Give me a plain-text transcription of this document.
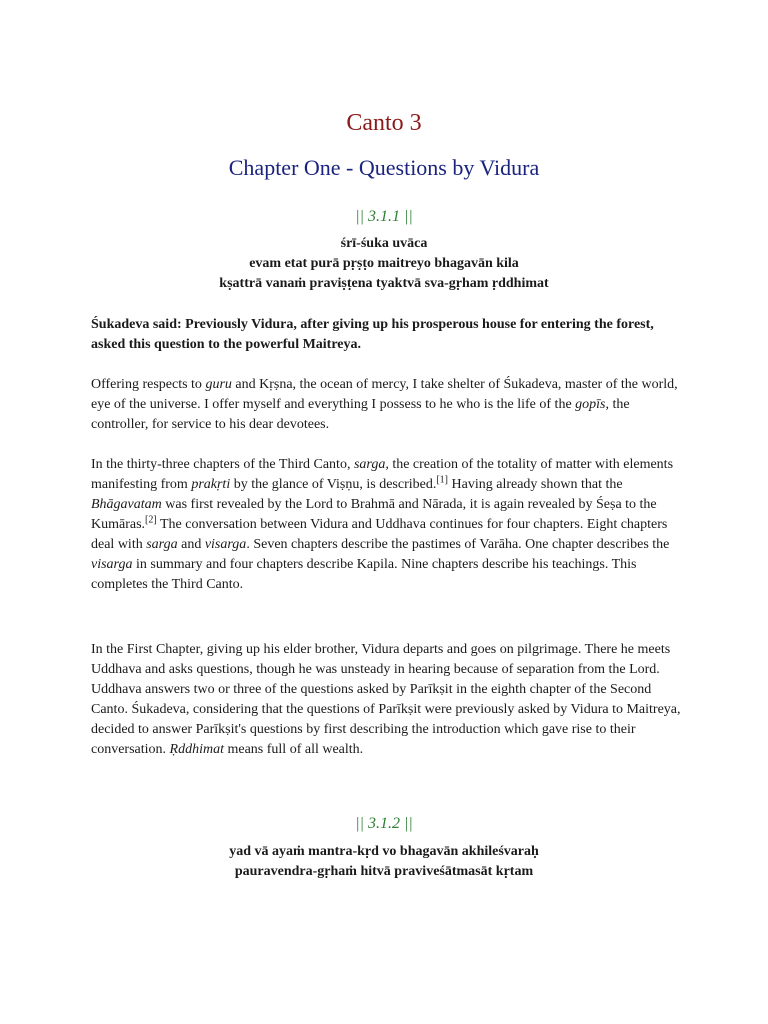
Canto 3
Chapter One - Questions by Vidura
|| 3.1.1 ||
śrī-śuka uvāca
evam etat purā pṛṣṭo maitreyo bhagavān kila
kṣattrā vanaṁ praviṣṭena tyaktvā sva-gṛham ṛddhimat
Śukadeva said: Previously Vidura, after giving up his prosperous house for entering the forest, asked this question to the powerful Maitreya.
Offering respects to guru and Kṛṣna, the ocean of mercy, I take shelter of Śukadeva, master of the world, eye of the universe. I offer myself and everything I possess to he who is the life of the gopīs, the controller, for service to his dear devotees.
In the thirty-three chapters of the Third Canto, sarga, the creation of the totality of matter with elements manifesting from prakṛti by the glance of Viṣṇu, is described.[1] Having already shown that the Bhāgavatam was first revealed by the Lord to Brahmā and Nārada, it is again revealed by Śeṣa to the Kumāras.[2] The conversation between Vidura and Uddhava continues for four chapters. Eight chapters deal with sarga and visarga. Seven chapters describe the pastimes of Varāha. One chapter describes the visarga in summary and four chapters describe Kapila. Nine chapters describe his teachings. This completes the Third Canto.
In the First Chapter, giving up his elder brother, Vidura departs and goes on pilgrimage. There he meets Uddhava and asks questions, though he was unsteady in hearing because of separation from the Lord. Uddhava answers two or three of the questions asked by Parīkṣit in the eighth chapter of the Second Canto. Śukadeva, considering that the questions of Parīkṣit were previously asked by Vidura to Maitreya, decided to answer Parīkṣit's questions by first describing the introduction which gave rise to their conversation. Ṛddhimat means full of all wealth.
|| 3.1.2 ||
yad vā ayaṁ mantra-kṛd vo bhagavān akhileśvaraḥ
pauravendra-gṛhaṁ hitvā praviveśātmasāt kṛtam
